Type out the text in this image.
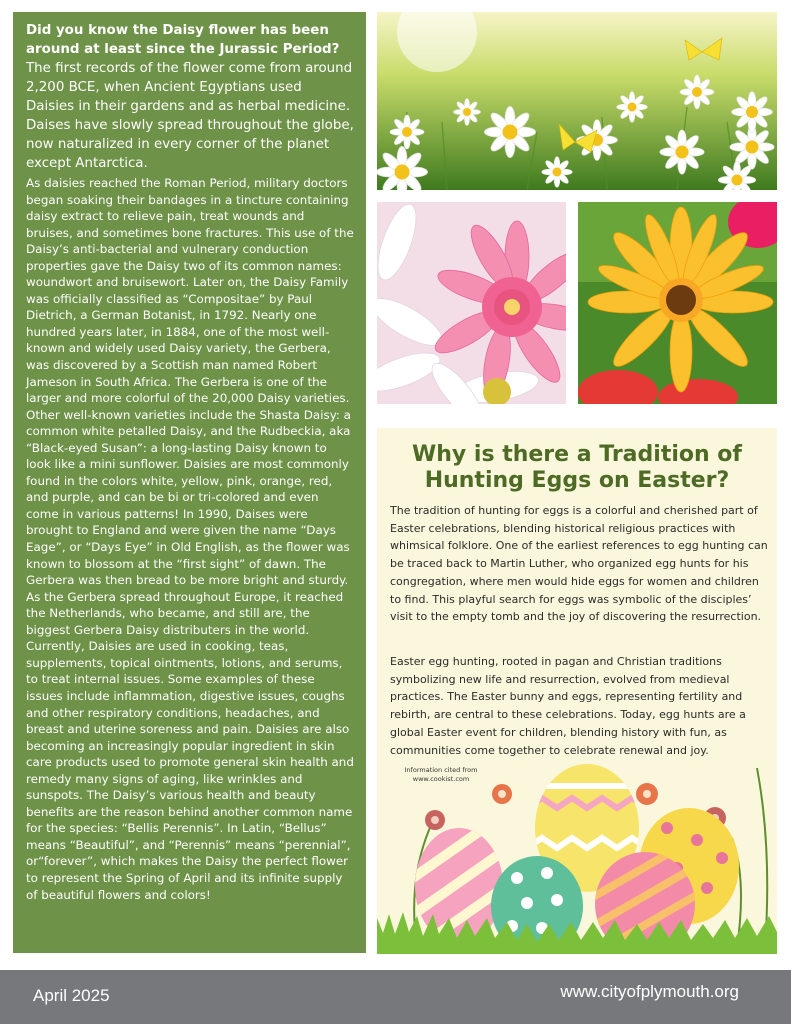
Did you know the Daisy flower has been around at least since the Jurassic Period?

The first records of the flower come from around 2,200 BCE, when Ancient Egyptians used Daisies in their gardens and as herbal medicine. Daises have slowly spread throughout the globe, now naturalized in every corner of the planet except Antarctica.

As daisies reached the Roman Period, military doctors began soaking their bandages in a tincture containing daisy extract to relieve pain, treat wounds and bruises, and sometimes bone fractures. This use of the Daisy’s anti-bacterial and vulnerary conduction properties gave the Daisy two of its common names: woundwort and bruisewort. Later on, the Daisy Family was officially classified as “Compositae” by Paul Dietrich, a German Botanist, in 1792. Nearly one hundred years later, in 1884, one of the most well-known and widely used Daisy variety, the Gerbera, was discovered by a Scottish man named Robert Jameson in South Africa. The Gerbera is one of the larger and more colorful of the 20,000 Daisy varieties. Other well-known varieties include the Shasta Daisy: a common white petalled Daisy, and the Rudbeckia, aka “Black-eyed Susan”: a long-lasting Daisy known to look like a mini sunflower. Daisies are most commonly found in the colors white, yellow, pink, orange, red, and purple, and can be bi or tri-colored and even come in various patterns! In 1990, Daises were brought to England and were given the name “Days Eage”, or “Days Eye” in Old English, as the flower was known to blossom at the “first sight” of dawn. The Gerbera was then bread to be more bright and sturdy. As the Gerbera spread throughout Europe, it reached the Netherlands, who became, and still are, the biggest Gerbera Daisy distributers in the world. Currently, Daisies are used in cooking, teas, supplements, topical ointments, lotions, and serums, to treat internal issues. Some examples of these issues include inflammation, digestive issues, coughs and other respiratory conditions, headaches, and breast and uterine soreness and pain. Daisies are also becoming an increasingly popular ingredient in skin care products used to promote general skin health and remedy many signs of aging, like wrinkles and sunspots. The Daisy’s various health and beauty benefits are the reason behind another common name for the species: “Bellis Perennis”. In Latin, “Bellus” means “Beautiful”, and “Perennis” means “perennial”, or“forever”, which makes the Daisy the perfect flower to represent the Spring of April and its infinite supply of beautiful flowers and colors!

Why is there a Tradition of Hunting Eggs on Easter?

The tradition of hunting for eggs is a colorful and cherished part of Easter celebrations, blending historical religious practices with whimsical folklore. One of the earliest references to egg hunting can be traced back to Martin Luther, who organized egg hunts for his congregation, where men would hide eggs for women and children to find. This playful search for eggs was symbolic of the disciples’ visit to the empty tomb and the joy of discovering the resurrection.

Easter egg hunting, rooted in pagan and Christian traditions symbolizing new life and resurrection, evolved from medieval practices. The Easter bunny and eggs, representing fertility and rebirth, are central to these celebrations. Today, egg hunts are a global Easter event for children, blending history with fun, as communities come together to celebrate renewal and joy.

Information cited from www.cookist.com

April 2025	www.cityofplymouth.org
